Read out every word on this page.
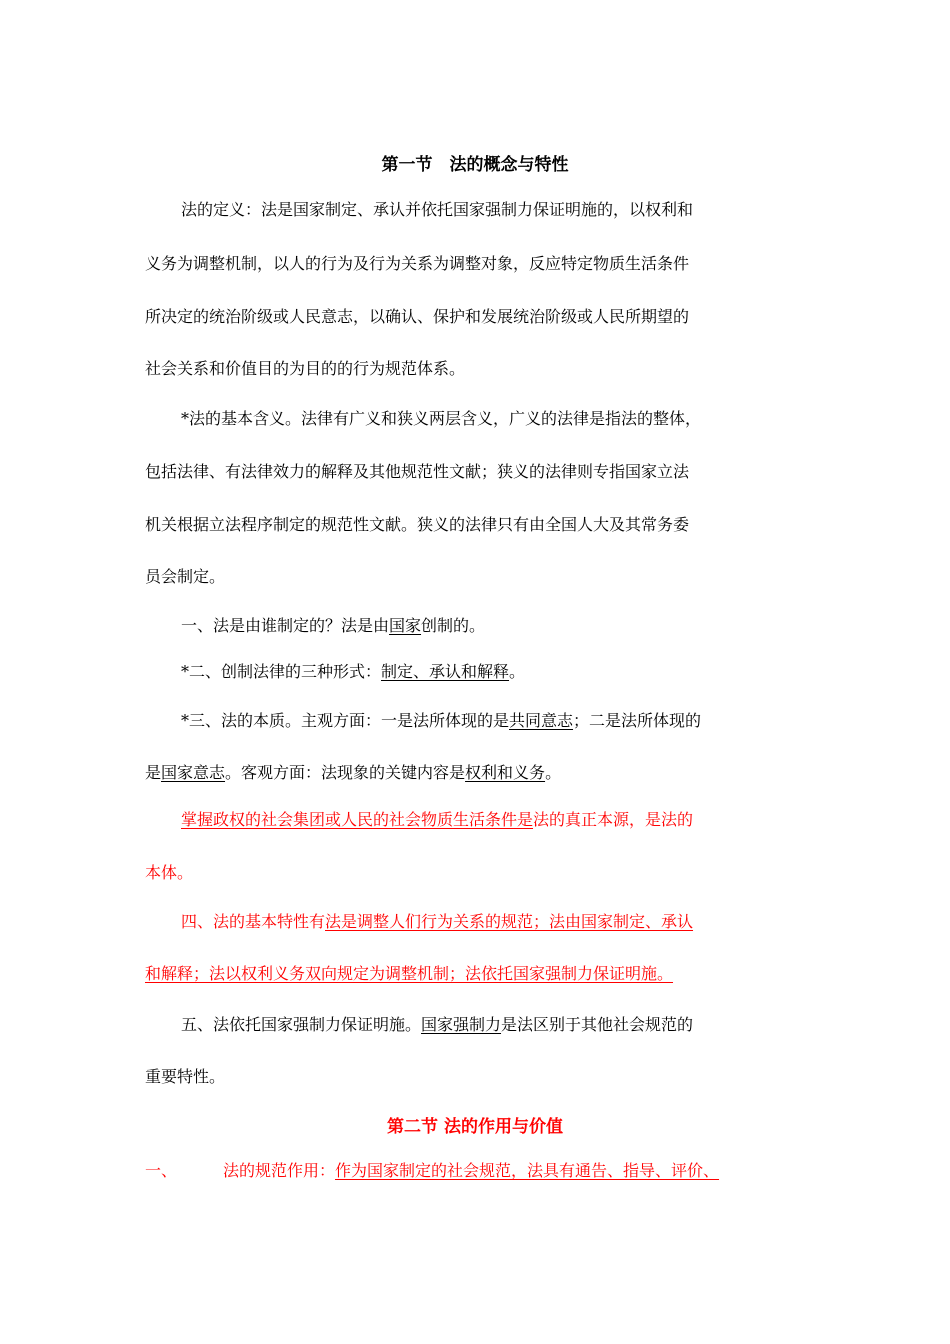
第一节　法的概念与特性
法的定义：法是国家制定、承认并依托国家强制力保证明施的，以权利和
义务为调整机制，以人的行为及行为关系为调整对象，反应特定物质生活条件
所决定的统治阶级或人民意志，以确认、保护和发展统治阶级或人民所期望的
社会关系和价值目的为目的的行为规范体系。
*法的基本含义。法律有广义和狭义两层含义，广义的法律是指法的整体，
包括法律、有法律效力的解释及其他规范性文献；狭义的法律则专指国家立法
机关根据立法程序制定的规范性文献。狭义的法律只有由全国人大及其常务委
员会制定。
一、法是由谁制定的？法是由国家创制的。
*二、创制法律的三种形式：制定、承认和解释。
*三、法的本质。主观方面：一是法所体现的是共同意志；二是法所体现的
是国家意志。客观方面：法现象的关键内容是权利和义务。
掌握政权的社会集团或人民的社会物质生活条件是法的真正本源，是法的
本体。
四、法的基本特性有法是调整人们行为关系的规范；法由国家制定、承认
和解释；法以权利义务双向规定为调整机制；法依托国家强制力保证明施。
五、法依托国家强制力保证明施。国家强制力是法区别于其他社会规范的
重要特性。
第二节 法的作用与价值
一、	法的规范作用：作为国家制定的社会规范，法具有通告、指导、评价、
